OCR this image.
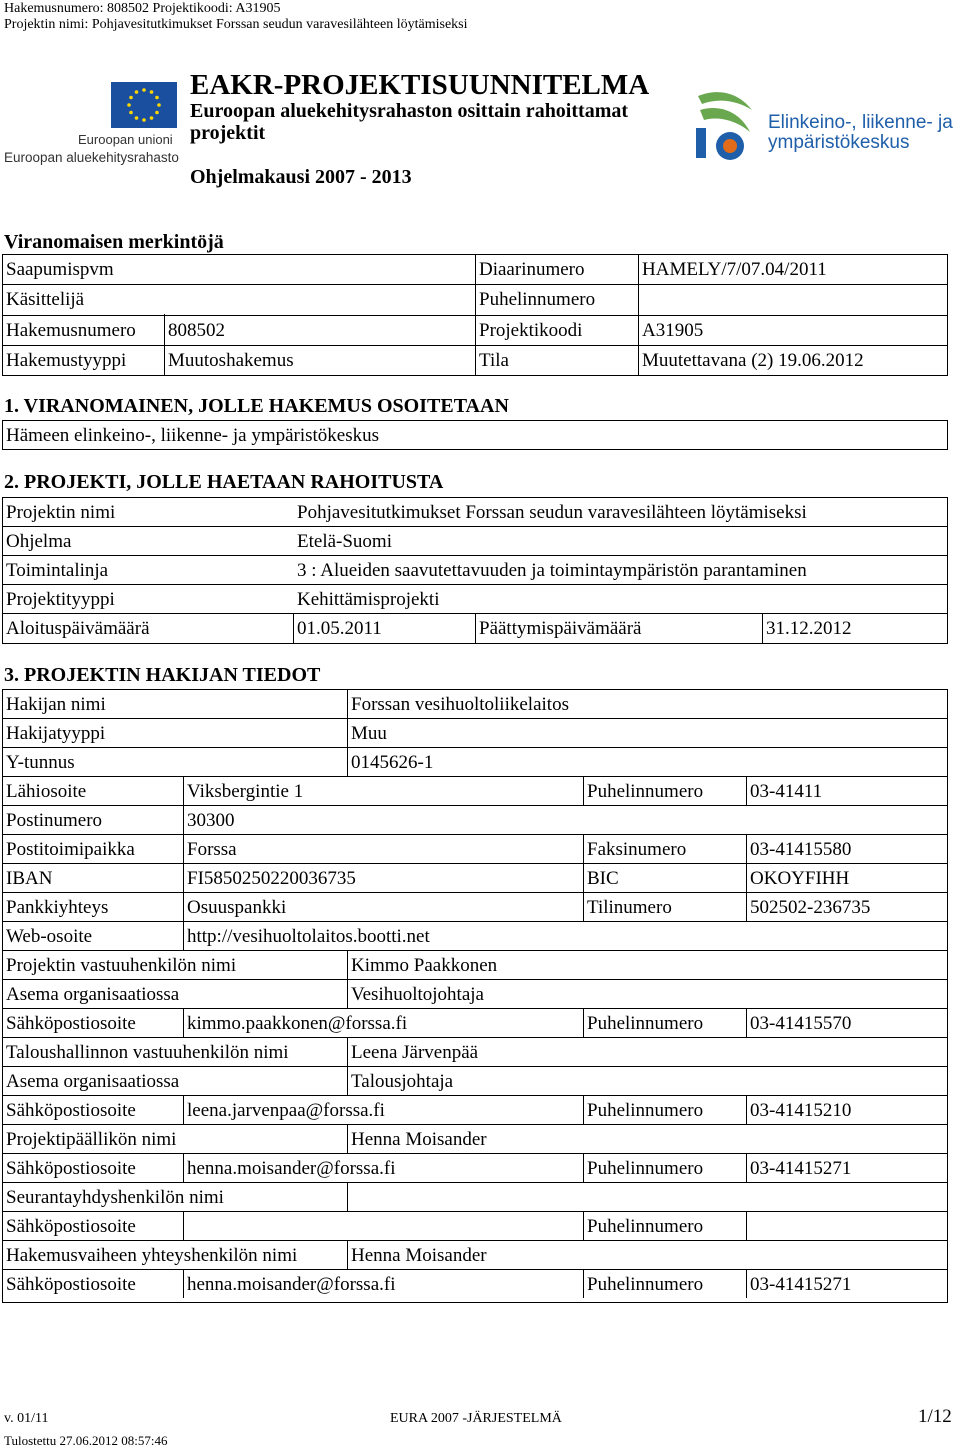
Hakemusnumero: 808502 Projektikoodi: A31905
Projektin nimi: Pohjavesitutkimukset Forssan seudun varavesilähteen löytämiseksi
Euroopan unioni
Euroopan aluekehitysrahasto
EAKR-PROJEKTISUUNNITELMA
Euroopan aluekehitysrahaston osittain rahoittamat
projektit
Ohjelmakausi 2007 - 2013
Elinkeino-, liikenne- ja
ympäristökeskus
Viranomaisen merkintöjä
Saapumispvm	Diaarinumero	HAMELY/7/07.04/2011
Käsittelijä	Puhelinnumero
Hakemusnumero 808502	Projektikoodi	A31905
Hakemustyyppi Muutoshakemus	Tila	Muutettavana (2) 19.06.2012
1. VIRANOMAINEN, JOLLE HAKEMUS OSOITETAAN
Hämeen elinkeino-, liikenne- ja ympäristökeskus
2. PROJEKTI, JOLLE HAETAAN RAHOITUSTA
Projektin nimi	Pohjavesitutkimukset Forssan seudun varavesilähteen löytämiseksi
Ohjelma	Etelä-Suomi
Toimintalinja	3 : Alueiden saavutettavuuden ja toimintaympäristön parantaminen
Projektityyppi	Kehittämisprojekti
Aloituspäivämäärä	01.05.2011	Päättymispäivämäärä	31.12.2012
3. PROJEKTIN HAKIJAN TIEDOT
Hakijan nimi	Forssan vesihuoltoliikelaitos
Hakijatyyppi	Muu
Y-tunnus	0145626-1
Lähiosoite	Viksbergintie 1	Puhelinnumero 03-41411
Postinumero	30300
Postitoimipaikka	Forssa	Faksinumero	03-41415580
IBAN	FI5850250220036735	BIC	OKOYFIHH
Pankkiyhteys	Osuuspankki	Tilinumero	502502-236735
Web-osoite	http://vesihuoltolaitos.bootti.net
Projektin vastuuhenkilön nimi	Kimmo Paakkonen
Asema organisaatiossa	Vesihuoltojohtaja
Sähköpostiosoite	kimmo.paakkonen@forssa.fi	Puhelinnumero 03-41415570
Taloushallinnon vastuuhenkilön nimi	Leena Järvenpää
Asema organisaatiossa	Talousjohtaja
Sähköpostiosoite	leena.jarvenpaa@forssa.fi	Puhelinnumero 03-41415210
Projektipäällikön nimi	Henna Moisander
Sähköpostiosoite	henna.moisander@forssa.fi	Puhelinnumero 03-41415271
Seurantayhdyshenkilön nimi
Sähköpostiosoite	Puhelinnumero
Hakemusvaiheen yhteyshenkilön nimi	Henna Moisander
Sähköpostiosoite	henna.moisander@forssa.fi	Puhelinnumero 03-41415271
v. 01/11	EURA 2007 -JÄRJESTELMÄ	1/12
Tulostettu 27.06.2012 08:57:46
